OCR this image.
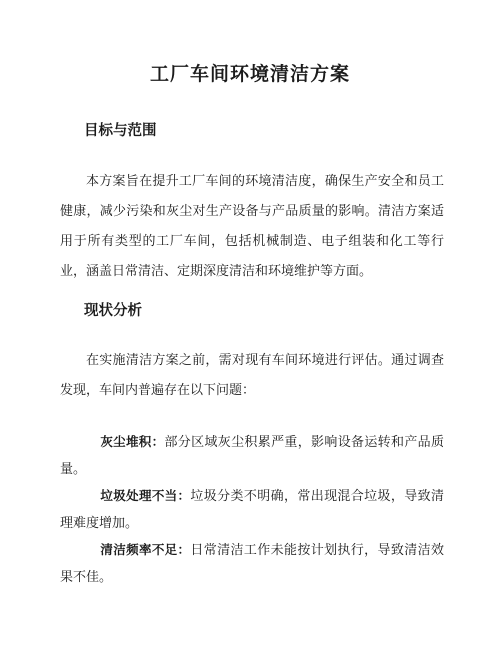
工厂车间环境清洁方案
目标与范围

本方案旨在提升工厂车间的环境清洁度，确保生产安全和员工健康，减少污染和灰尘对生产设备与产品质量的影响。清洁方案适用于所有类型的工厂车间，包括机械制造、电子组装和化工等行业，涵盖日常清洁、定期深度清洁和环境维护等方面。

现状分析

在实施清洁方案之前，需对现有车间环境进行评估。通过调查发现，车间内普遍存在以下问题：

灰尘堆积：部分区域灰尘积累严重，影响设备运转和产品质量。

垃圾处理不当：垃圾分类不明确，常出现混合垃圾，导致清理难度增加。

清洁频率不足：日常清洁工作未能按计划执行，导致清洁效果不佳。
